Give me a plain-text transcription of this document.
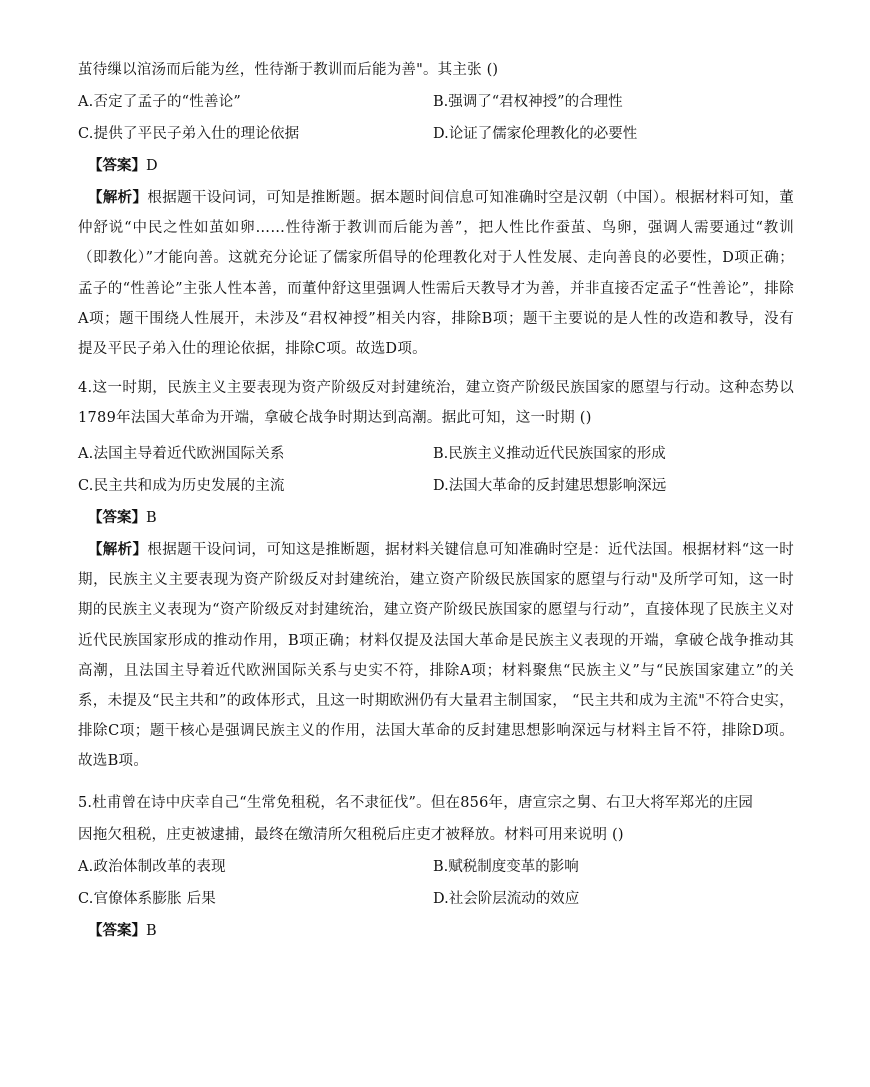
茧待缫以涫汤而后能为丝，性待渐于教训而后能为善"。其主张 ()
A.否定了孟子的“性善论”	B.强调了“君权神授”的合理性
C.提供了平民子弟入仕的理论依据	D.论证了儒家伦理教化的必要性
【答案】D
【解析】根据题干设问词，可知是推断题。据本题时间信息可知准确时空是汉朝（中国）。根据材料可知，董仲舒说“中民之性如茧如卵……性待渐于教训而后能为善”，把人性比作蚕茧、鸟卵，强调人需要通过“教训（即教化）”才能向善。这就充分论证了儒家所倡导的伦理教化对于人性发展、走向善良的必要性，D项正确；孟子的“性善论”主张人性本善，而董仲舒这里强调人性需后天教导才为善，并非直接否定孟子“性善论”，排除A项；题干围绕人性展开，未涉及“君权神授”相关内容，排除B项；题干主要说的是人性的改造和教导，没有提及平民子弟入仕的理论依据，排除C项。故选D项。
4.这一时期，民族主义主要表现为资产阶级反对封建统治，建立资产阶级民族国家的愿望与行动。这种态势以1789年法国大革命为开端，拿破仑战争时期达到高潮。据此可知，这一时期 ()
A.法国主导着近代欧洲国际关系	B.民族主义推动近代民族国家的形成
C.民主共和成为历史发展的主流	D.法国大革命的反封建思想影响深远
【答案】B
【解析】根据题干设问词，可知这是推断题，据材料关键信息可知准确时空是：近代法国。根据材料“这一时期，民族主义主要表现为资产阶级反对封建统治，建立资产阶级民族国家的愿望与行动"及所学可知，这一时期的民族主义表现为“资产阶级反对封建统治，建立资产阶级民族国家的愿望与行动”，直接体现了民族主义对近代民族国家形成的推动作用，B项正确；材料仅提及法国大革命是民族主义表现的开端，拿破仑战争推动其高潮，且法国主导着近代欧洲国际关系与史实不符，排除A项；材料聚焦“民族主义”与“民族国家建立”的关系，未提及“民主共和”的政体形式，且这一时期欧洲仍有大量君主制国家， “民主共和成为主流"不符合史实，排除C项；题干核心是强调民族主义的作用，法国大革命的反封建思想影响深远与材料主旨不符，排除D项。故选B项。
5.杜甫曾在诗中庆幸自己“生常免租税，名不隶征伐”。但在856年，唐宣宗之舅、右卫大将军郑光的庄园
因拖欠租税，庄吏被逮捕，最终在缴清所欠租税后庄吏才被释放。材料可用来说明 ()
A.政治体制改革的表现	B.赋税制度变革的影响
C.官僚体系膨胀 后果	D.社会阶层流动的效应
【答案】B
